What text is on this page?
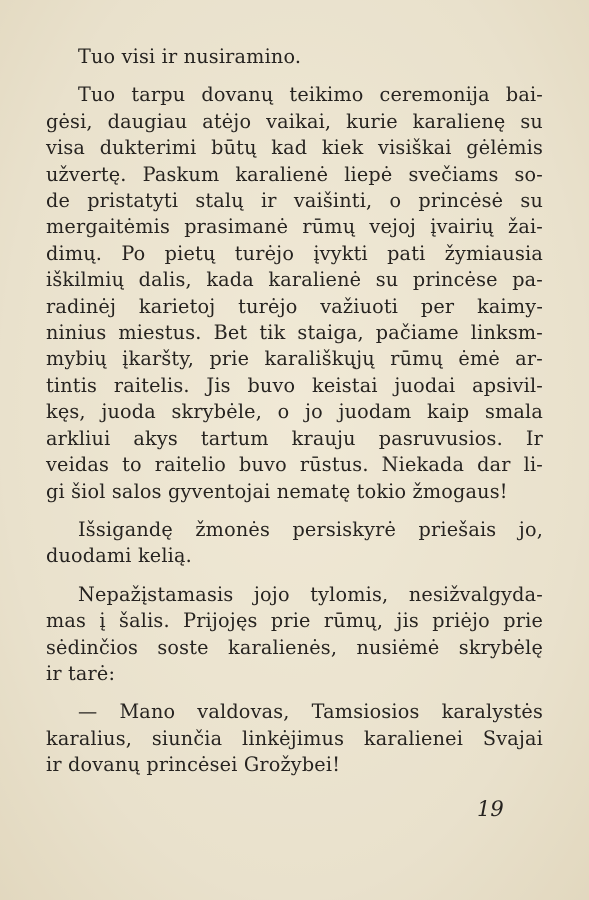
Tuo visi ir nusiramino.

Tuo tarpu dovanų teikimo ceremonija bai-
gėsi, daugiau atėjo vaikai, kurie karalienę su
visa dukterimi būtų kad kiek visiškai gėlėmis
užvertę. Paskum karalienė liepė svečiams so-
de pristatyti stalų ir vaišinti, o princėsė su
mergaitėmis prasimanė rūmų vejoj įvairių žai-
dimų. Po pietų turėjo įvykti pati žymiausia
iškilmių dalis, kada karalienė su princėse pa-
radinėj karietoj turėjo važiuoti per kaimy-
ninius miestus. Bet tik staiga, pačiame linksm-
mybių įkaršty, prie karališkųjų rūmų ėmė ar-
tintis raitelis. Jis buvo keistai juodai apsivil-
kęs, juoda skrybėle, o jo juodam kaip smala
arkliui akys tartum krauju pasruvusios. Ir
veidas to raitelio buvo rūstus. Niekada dar li-
gi šiol salos gyventojai nematę tokio žmogaus!

Išsigandę žmonės persiskyrė priešais jo,
duodami kelią.

Nepažįstamasis jojo tylomis, nesižvalgyda-
mas į šalis. Prijojęs prie rūmų, jis priėjo prie
sėdinčios soste karalienės, nusiėmė skrybėlę
ir tarė:

— Mano valdovas, Tamsiosios karalystės
karalius, siunčia linkėjimus karalienei Svajai
ir dovanų princėsei Grožybei!

19
